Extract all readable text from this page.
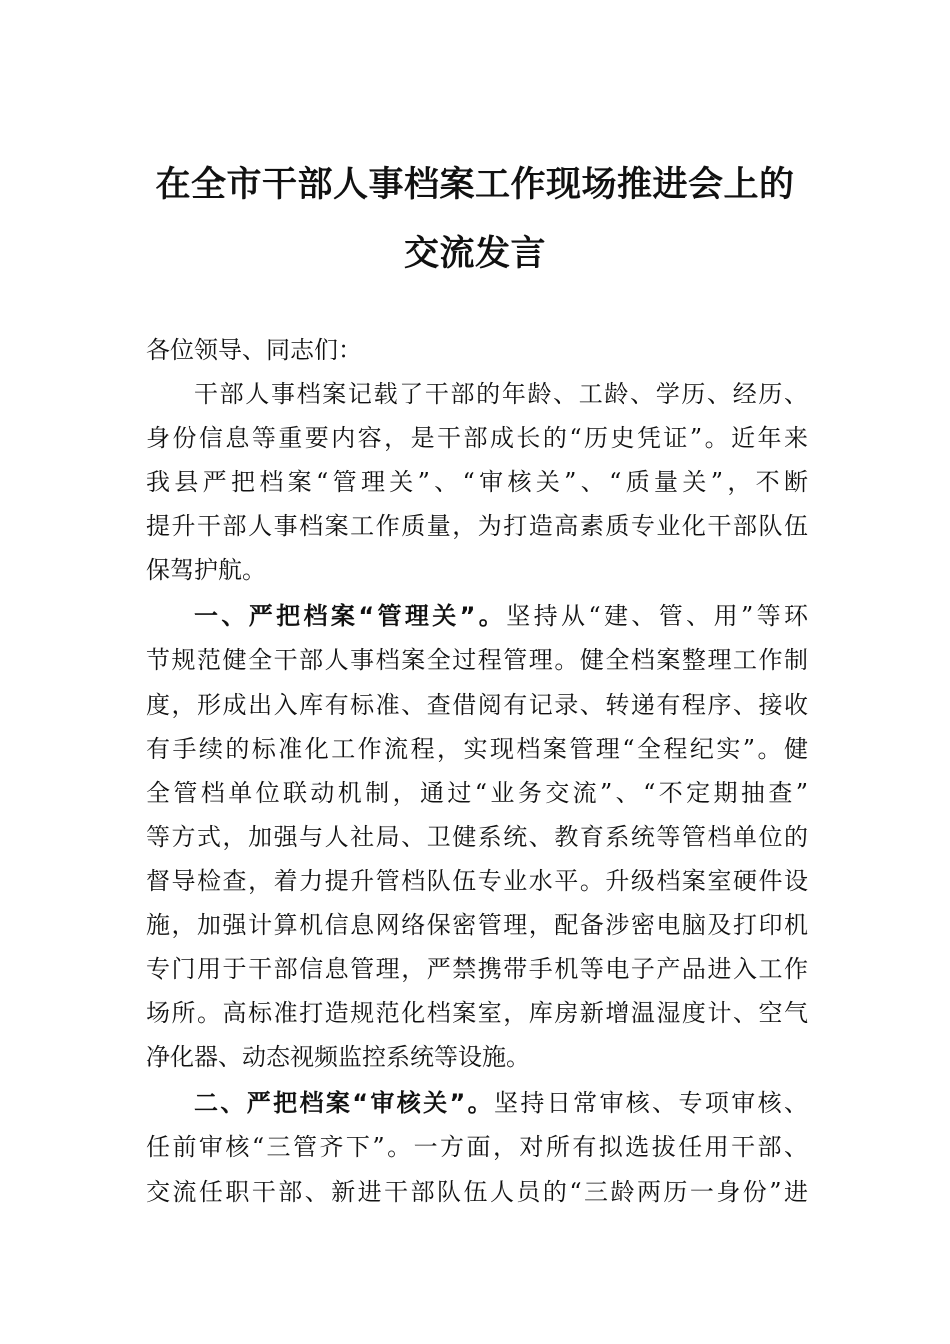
在全市干部人事档案工作现场推进会上的
交流发言
各位领导、同志们：
干部人事档案记载了干部的年龄、工龄、学历、经历、
身份信息等重要内容，是干部成长的“历史凭证”。近年来
我县严把档案“管理关”、“审核关”、“质量关”，不断
提升干部人事档案工作质量，为打造高素质专业化干部队伍
保驾护航。
一、严把档案“管理关”。坚持从“建、管、用”等环
节规范健全干部人事档案全过程管理。健全档案整理工作制
度，形成出入库有标准、查借阅有记录、转递有程序、接收
有手续的标准化工作流程，实现档案管理“全程纪实”。健
全管档单位联动机制，通过“业务交流”、“不定期抽查”
等方式，加强与人社局、卫健系统、教育系统等管档单位的
督导检查，着力提升管档队伍专业水平。升级档案室硬件设
施，加强计算机信息网络保密管理，配备涉密电脑及打印机
专门用于干部信息管理，严禁携带手机等电子产品进入工作
场所。高标准打造规范化档案室，库房新增温湿度计、空气
净化器、动态视频监控系统等设施。
二、严把档案“审核关”。坚持日常审核、专项审核、
任前审核“三管齐下”。一方面，对所有拟选拔任用干部、
交流任职干部、新进干部队伍人员的“三龄两历一身份”进
